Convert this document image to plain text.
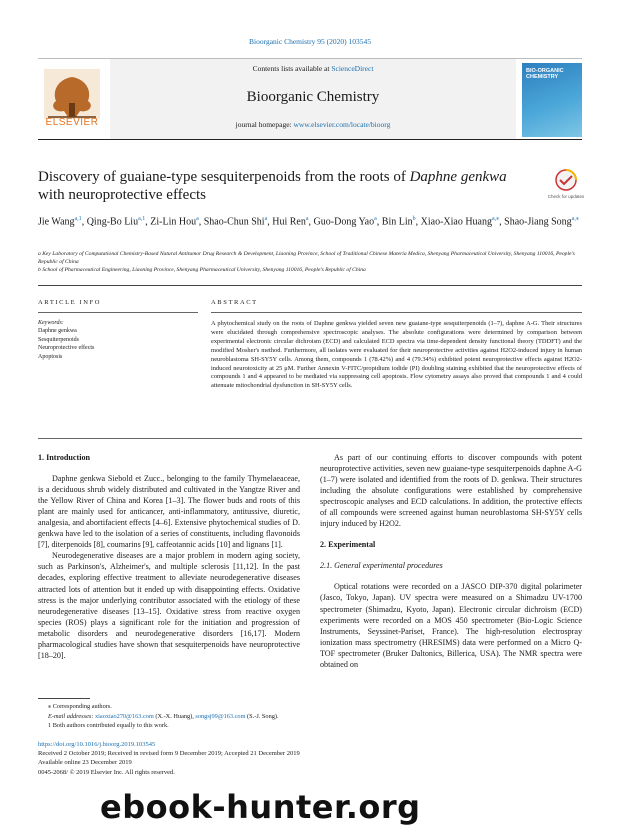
Bioorganic Chemistry 95 (2020) 103545
ELSEVIER
Contents lists available at ScienceDirect
Bioorganic Chemistry
journal homepage: www.elsevier.com/locate/bioorg
BIO-ORGANIC CHEMISTRY
Discovery of guaiane-type sesquiterpenoids from the roots of Daphne genkwa with neuroprotective effects	Check for updates
Jie Wang$^{a,1}$, Qing-Bo Liu$^{a,1}$, Zi-Lin Hou$^a$, Shao-Chun Shi$^a$, Hui Ren$^a$, Guo-Dong Yao$^a$, Bin Lin$^b$, Xiao-Xiao Huang$^{a,⁎}$, Shao-Jiang Song$^{a,⁎}$
a Key Laboratory of Computational Chemistry-Based Natural Antitumor Drug Research & Development, Liaoning Province, School of Traditional Chinese Materia Medica, Shenyang Pharmaceutical University, Shenyang 110016, People’s Republic of China
b School of Pharmaceutical Engineering, Liaoning Province, Shenyang Pharmaceutical University, Shenyang 110016, People’s Republic of China
ARTICLE INFO	ABSTRACT
Keywords:
Daphne genkwa
Sesquiterpenoids
Neuroprotective effects
Apoptosis
A phytochemical study on the roots of Daphne genkwa yielded seven new guaiane-type sesquiterpenoids (1–7), daphne A-G. Their structures were elucidated through comprehensive spectroscopic analyses. The absolute configurations were determined by comparison between experimental electronic circular dichroism (ECD) and calculated ECD spectra via time-dependent density functional theory (TDDFT) and the modified Mosher's method. Furthermore, all isolates were evaluated for their neuroprotective activities against H2O2-induced injury in human neuroblastoma SH-SY5Y cells. Among them, compounds 1 (78.42%) and 4 (79.34%) exhibited potent neuroprotective effects against H2O2-induced neurotoxicity at 25 μM. Further Annexin V-FITC/propidium iodide (PI) doubling staining exhibited that the neuroprotective effects of compounds 1 and 4 appeared to be mediated via suppressing cell apoptosis. Flow cytometry assays also proved that compounds 1 and 4 could attenuate mitochondrial dysfunction in SH-SY5Y cells.
1. Introduction
Daphne genkwa Siebold et Zucc., belonging to the family Thymelaeaceae, is a deciduous shrub widely distributed and cultivated in the Yangtze River and the Yellow River of China and Korea [1–3]. The flower buds and roots of this plant are mainly used for anticancer, anti-inflammatory, antitussive, diuretic, analgesia, and abortifacient effects [4–6]. Extensive phytochemical studies of D. genkwa have led to the isolation of a series of constituents, including flavonoids [7], diterpenoids [8], coumarins [9], caffeotannic acids [10] and lignans [1].
Neurodegenerative diseases are a major problem in modern aging society, such as Parkinson's, Alzheimer's, and multiple sclerosis [11,12]. In the past decades, exploring effective treatment to alleviate neurodegenerative diseases attracted lots of attention but it ended up with disappointing effects. Oxidative stress is the major underlying contributor associated with the etiology of these neurodegenerative diseases [13–15]. Oxidative stress from reactive oxygen species (ROS) plays a significant role for the initiation and progression of metabolic disorders and neurodegenerative disorders [16,17]. Modern pharmacological studies have shown that sesquiterpenoids have neuroprotective [18–20].
As part of our continuing efforts to discover compounds with potent neuroprotective activities, seven new guaiane-type sesquiterpenoids daphne A-G (1–7) were isolated and identified from the roots of D. genkwa. Their structures including the absolute configurations were established by comprehensive spectroscopic analyses and ECD calculations. In addition, the protective effects of all compounds were screened against human neuroblastoma SH-SY5Y cells injury induced by H2O2.
2. Experimental
2.1. General experimental procedures
Optical rotations were recorded on a JASCO DIP-370 digital polarimeter (Jasco, Tokyo, Japan). UV spectra were measured on a Shimadzu UV-1700 spectrometer (Shimadzu, Kyoto, Japan). Electronic circular dichroism (ECD) experiments were recorded on a MOS 450 spectrometer (Bio-Logic Science Instruments, Seyssinet-Pariset, France). The high-resolution electrospray ionization mass spectrometry (HRESIMS) data were performed on a Micro Q-TOF spectrometer (Bruker Daltonics, Billerica, USA). The NMR spectra were obtained on
⁎ Corresponding authors.
E-mail addresses: xiaoxiao270@163.com (X.-X. Huang), songsj99@163.com (S.-J. Song).
1 Both authors contributed equally to this work.
https://doi.org/10.1016/j.bioorg.2019.103545
Received 2 October 2019; Received in revised form 9 December 2019; Accepted 21 December 2019
Available online 23 December 2019
0045-2068/ © 2019 Elsevier Inc. All rights reserved.
ebook-hunter.org
